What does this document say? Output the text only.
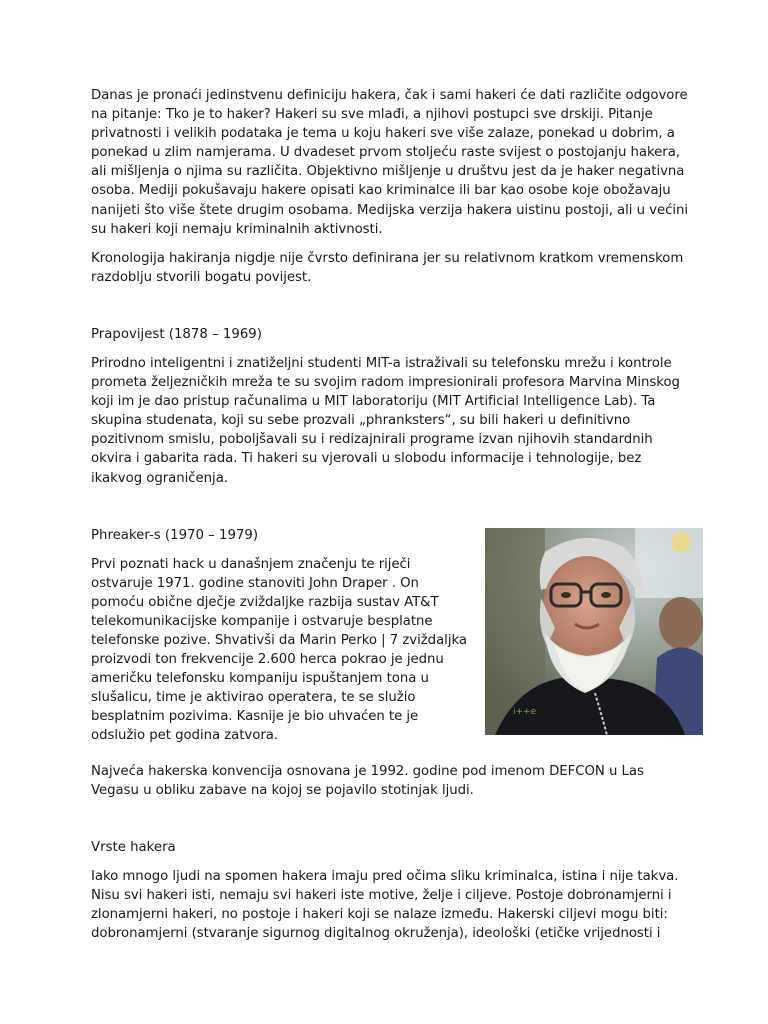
Danas je pronaći jedinstvenu definiciju hakera, čak i sami hakeri će dati različite odgovore na pitanje: Tko je to haker? Hakeri su sve mlađi, a njihovi postupci sve drskiji. Pitanje privatnosti i velikih podataka je tema u koju hakeri sve više zalaze, ponekad u dobrim, a ponekad u zlim namjerama. U dvadeset prvom stoljeću raste svijest o postojanju hakera, ali mišljenja o njima su različita. Objektivno mišljenje u društvu jest da je haker negativna osoba. Mediji pokušavaju hakere opisati kao kriminalce ili bar kao osobe koje obožavaju nanijeti što više štete drugim osobama. Medijska verzija hakera uistinu postoji, ali u većini su hakeri koji nemaju kriminalnih aktivnosti.

Kronologija hakiranja nigdje nije čvrsto definirana jer su relativnom kratkom vremenskom razdoblju stvorili bogatu povijest.

Prapovijest (1878 – 1969)

Prirodno inteligentni i znatiželjni studenti MIT-a istraživali su telefonsku mrežu i kontrole prometa željezničkih mreža te su svojim radom impresionirali profesora Marvina Minskog koji im je dao pristup računalima u MIT laboratoriju (MIT Artificial Intelligence Lab). Ta skupina studenata, koji su sebe prozvali „phranksters“, su bili hakeri u definitivno pozitivnom smislu, poboljšavali su i redizajnirali programe izvan njihovih standardnih okvira i gabarita rada. Ti hakeri su vjerovali u slobodu informacije i tehnologije, bez ikakvog ograničenja.

Phreaker-s (1970 – 1979)

Prvi poznati hack u današnjem značenju te riječi ostvaruje 1971. godine stanoviti John Draper . On pomoću obične dječje zviždaljke razbija sustav AT&T telekomunikacijske kompanije i ostvaruje besplatne telefonske pozive. Shvativši da Marin Perko | 7 zviždaljka proizvodi ton frekvencije 2.600 herca pokrao je jednu američku telefonsku kompaniju ispuštanjem tona u slušalicu, time je aktivirao operatera, te se služio besplatnim pozivima. Kasnije je bio uhvaćen te je odslužio pet godina zatvora.

i++e

Najveća hakerska konvencija osnovana je 1992. godine pod imenom DEFCON u Las Vegasu u obliku zabave na kojoj se pojavilo stotinjak ljudi.

Vrste hakera

Iako mnogo ljudi na spomen hakera imaju pred očima sliku kriminalca, istina i nije takva. Nisu svi hakeri isti, nemaju svi hakeri iste motive, želje i ciljeve. Postoje dobronamjerni i zlonamjerni hakeri, no postoje i hakeri koji se nalaze između. Hakerski ciljevi mogu biti: dobronamjerni (stvaranje sigurnog digitalnog okruženja), ideološki (etičke vrijednosti i
